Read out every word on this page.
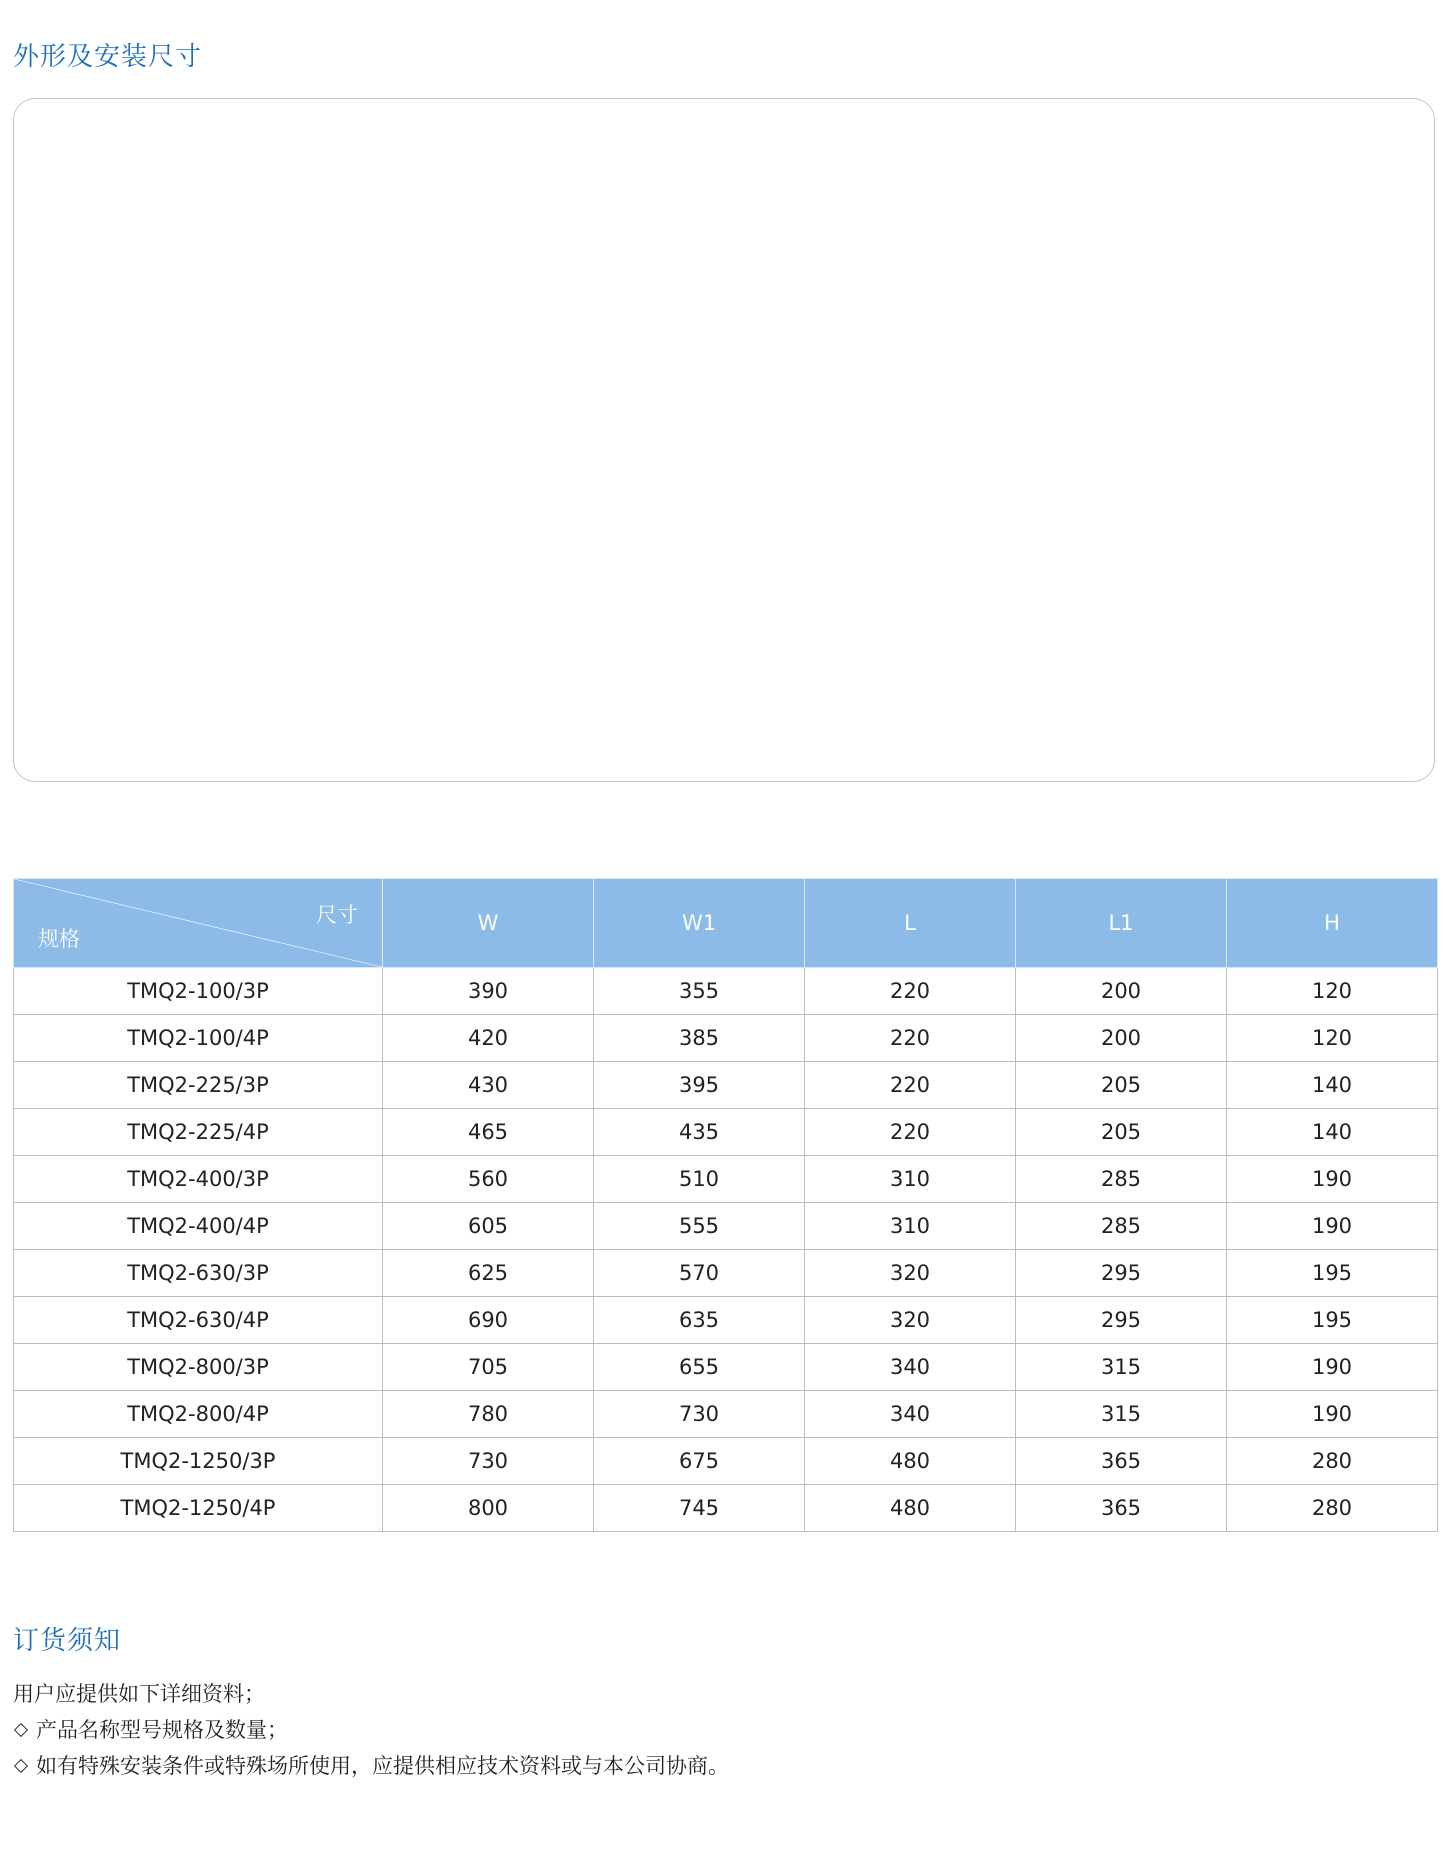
外形及安装尺寸
尺寸
规格	W	W1	L	L1	H
TMQ2-100/3P	390	355	220	200	120
TMQ2-100/4P	420	385	220	200	120
TMQ2-225/3P	430	395	220	205	140
TMQ2-225/4P	465	435	220	205	140
TMQ2-400/3P	560	510	310	285	190
TMQ2-400/4P	605	555	310	285	190
TMQ2-630/3P	625	570	320	295	195
TMQ2-630/4P	690	635	320	295	195
TMQ2-800/3P	705	655	340	315	190
TMQ2-800/4P	780	730	340	315	190
TMQ2-1250/3P	730	675	480	365	280
TMQ2-1250/4P	800	745	480	365	280
订货须知
用户应提供如下详细资料；
产品名称型号规格及数量；
如有特殊安装条件或特殊场所使用，应提供相应技术资料或与本公司协商。
